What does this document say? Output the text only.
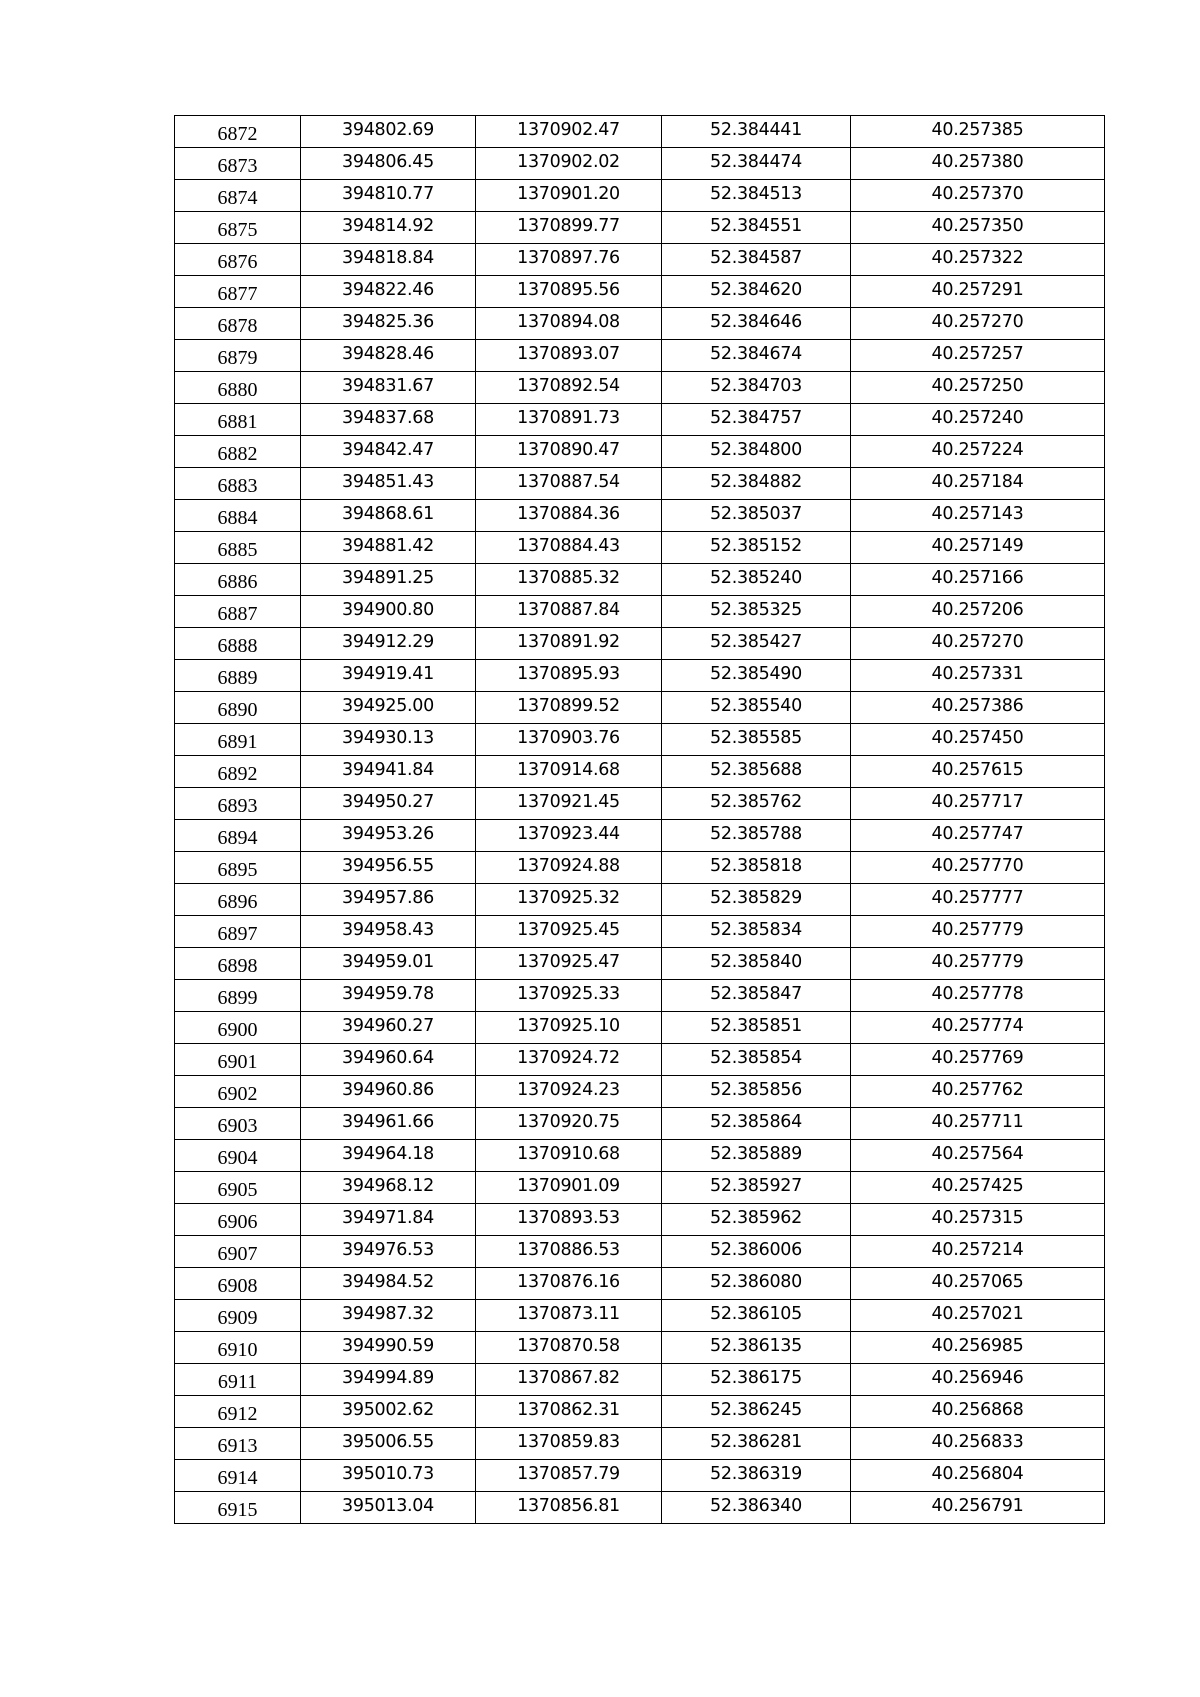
6872	394802.69	1370902.47	52.384441	40.257385
6873	394806.45	1370902.02	52.384474	40.257380
6874	394810.77	1370901.20	52.384513	40.257370
6875	394814.92	1370899.77	52.384551	40.257350
6876	394818.84	1370897.76	52.384587	40.257322
6877	394822.46	1370895.56	52.384620	40.257291
6878	394825.36	1370894.08	52.384646	40.257270
6879	394828.46	1370893.07	52.384674	40.257257
6880	394831.67	1370892.54	52.384703	40.257250
6881	394837.68	1370891.73	52.384757	40.257240
6882	394842.47	1370890.47	52.384800	40.257224
6883	394851.43	1370887.54	52.384882	40.257184
6884	394868.61	1370884.36	52.385037	40.257143
6885	394881.42	1370884.43	52.385152	40.257149
6886	394891.25	1370885.32	52.385240	40.257166
6887	394900.80	1370887.84	52.385325	40.257206
6888	394912.29	1370891.92	52.385427	40.257270
6889	394919.41	1370895.93	52.385490	40.257331
6890	394925.00	1370899.52	52.385540	40.257386
6891	394930.13	1370903.76	52.385585	40.257450
6892	394941.84	1370914.68	52.385688	40.257615
6893	394950.27	1370921.45	52.385762	40.257717
6894	394953.26	1370923.44	52.385788	40.257747
6895	394956.55	1370924.88	52.385818	40.257770
6896	394957.86	1370925.32	52.385829	40.257777
6897	394958.43	1370925.45	52.385834	40.257779
6898	394959.01	1370925.47	52.385840	40.257779
6899	394959.78	1370925.33	52.385847	40.257778
6900	394960.27	1370925.10	52.385851	40.257774
6901	394960.64	1370924.72	52.385854	40.257769
6902	394960.86	1370924.23	52.385856	40.257762
6903	394961.66	1370920.75	52.385864	40.257711
6904	394964.18	1370910.68	52.385889	40.257564
6905	394968.12	1370901.09	52.385927	40.257425
6906	394971.84	1370893.53	52.385962	40.257315
6907	394976.53	1370886.53	52.386006	40.257214
6908	394984.52	1370876.16	52.386080	40.257065
6909	394987.32	1370873.11	52.386105	40.257021
6910	394990.59	1370870.58	52.386135	40.256985
6911	394994.89	1370867.82	52.386175	40.256946
6912	395002.62	1370862.31	52.386245	40.256868
6913	395006.55	1370859.83	52.386281	40.256833
6914	395010.73	1370857.79	52.386319	40.256804
6915	395013.04	1370856.81	52.386340	40.256791
